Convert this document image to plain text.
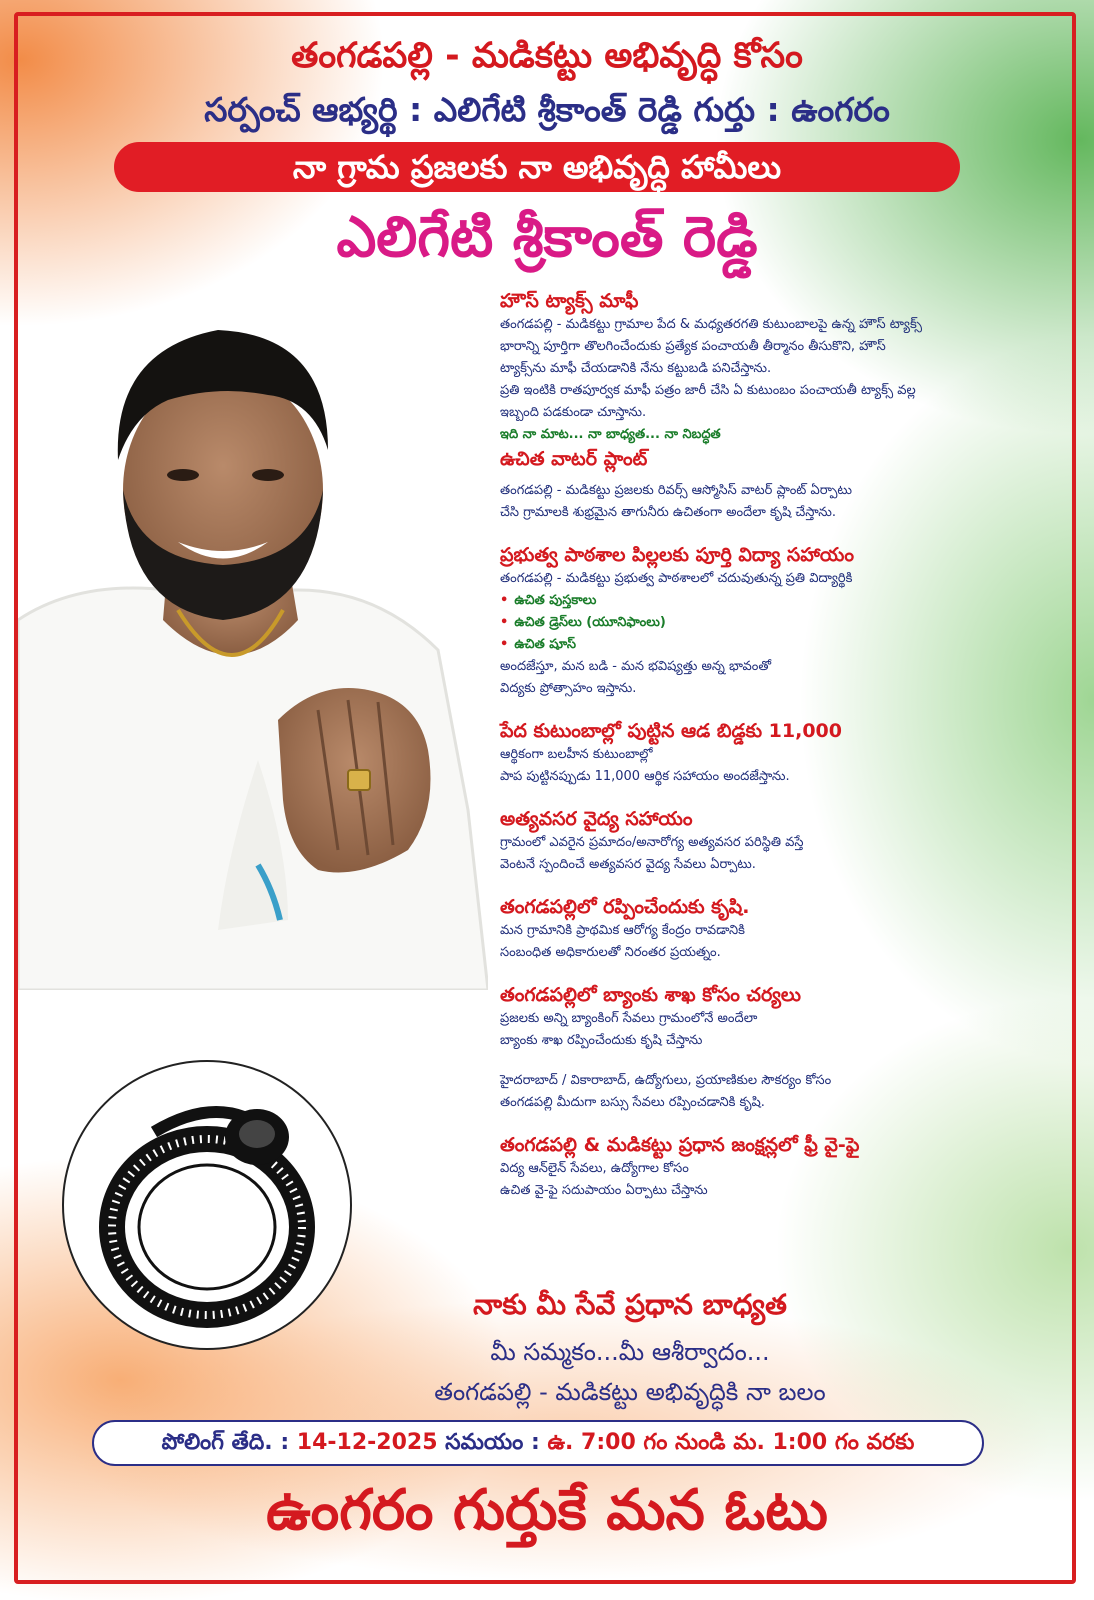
తంగడపల్లి - మడికట్టు అభివృద్ధి కోసం

సర్పంచ్ ఆభ్యర్థి : ఎలిగేటి శ్రీకాంత్ రెడ్డి గుర్తు : ఉంగరం

నా గ్రామ ప్రజలకు నా అభివృద్ధి హామీలు

ఎలిగేటి శ్రీకాంత్ రెడ్డి

హౌస్ ట్యాక్స్ మాఫీ

తంగడపల్లి - మడికట్టు గ్రామాల పేద & మధ్యతరగతి కుటుంబాలపై ఉన్న హౌస్ ట్యాక్స్

భారాన్ని పూర్తిగా తొలగించేందుకు ప్రత్యేక పంచాయతీ తీర్మానం తీసుకొని, హౌస్

ట్యాక్స్‌ను మాఫీ చేయడానికి నేను కట్టుబడి పనిచేస్తాను.

ప్రతి ఇంటికి రాతపూర్వక మాఫీ పత్రం జారీ చేసి ఏ కుటుంబం పంచాయతీ ట్యాక్స్ వల్ల

ఇబ్బంది పడకుండా చూస్తాను.

ఇది నా మాట... నా బాధ్యత... నా నిబద్ధత

ఉచిత వాటర్ ప్లాంట్

తంగడపల్లి - మడికట్టు ప్రజలకు రివర్స్ ఆస్మోసిస్ వాటర్ ప్లాంట్ ఏర్పాటు

చేసి గ్రామాలకి శుభ్రమైన తాగునీరు ఉచితంగా అందేలా కృషి చేస్తాను.

ప్రభుత్వ పాఠశాల పిల్లలకు పూర్తి విద్యా సహాయం

తంగడపల్లి - మడికట్టు ప్రభుత్వ పాఠశాలలో చదువుతున్న ప్రతి విద్యార్థికి

• ఉచిత పుస్తకాలు

• ఉచిత డ్రెస్‌లు (యూనిఫాంలు)

• ఉచిత షూస్

అందజేస్తూ, మన బడి - మన భవిష్యత్తు అన్న భావంతో

విద్యకు ప్రోత్సాహం ఇస్తాను.

పేద కుటుంబాల్లో పుట్టిన ఆడ బిడ్డకు 11,000

ఆర్థికంగా బలహీన కుటుంబాల్లో

పాప పుట్టినప్పుడు 11,000 ఆర్థిక సహాయం అందజేస్తాను.

అత్యవసర వైద్య సహాయం

గ్రామంలో ఎవరైన ప్రమాదం/అనారోగ్య అత్యవసర పరిస్థితి వస్తే

వెంటనే స్పందించే అత్యవసర వైద్య సేవలు ఏర్పాటు.

తంగడపల్లిలో రప్పించేందుకు కృషి.

మన గ్రామానికి ప్రాథమిక ఆరోగ్య కేంద్రం రావడానికి

సంబంధిత అధికారులతో నిరంతర ప్రయత్నం.

తంగడపల్లిలో బ్యాంకు శాఖ కోసం చర్యలు

ప్రజలకు అన్ని బ్యాంకింగ్ సేవలు గ్రామంలోనే అందేలా

బ్యాంకు శాఖ రప్పించేందుకు కృషి చేస్తాను

హైదరాబాద్ / వికారాబాద్, ఉద్యోగులు, ప్రయాణికుల సౌకర్యం కోసం

తంగడపల్లి మీదుగా బస్సు సేవలు రప్పించడానికి కృషి.

తంగడపల్లి & మడికట్టు ప్రధాన జంక్షన్లలో ఫ్రీ వై-ఫై

విద్య ఆన్‌లైన్ సేవలు, ఉద్యోగాల కోసం

ఉచిత వై-ఫై సదుపాయం ఏర్పాటు చేస్తాను

నాకు మీ సేవే ప్రధాన బాధ్యత

మీ సమ్మకం...మీ ఆశీర్వాదం...

తంగడపల్లి - మడికట్టు అభివృద్ధికి నా బలం

పోలింగ్ తేది. : 14-12-2025 సమయం : ఉ. 7:00 గం నుండి మ. 1:00 గం వరకు

ఉంగరం గుర్తుకే మన ఓటు
